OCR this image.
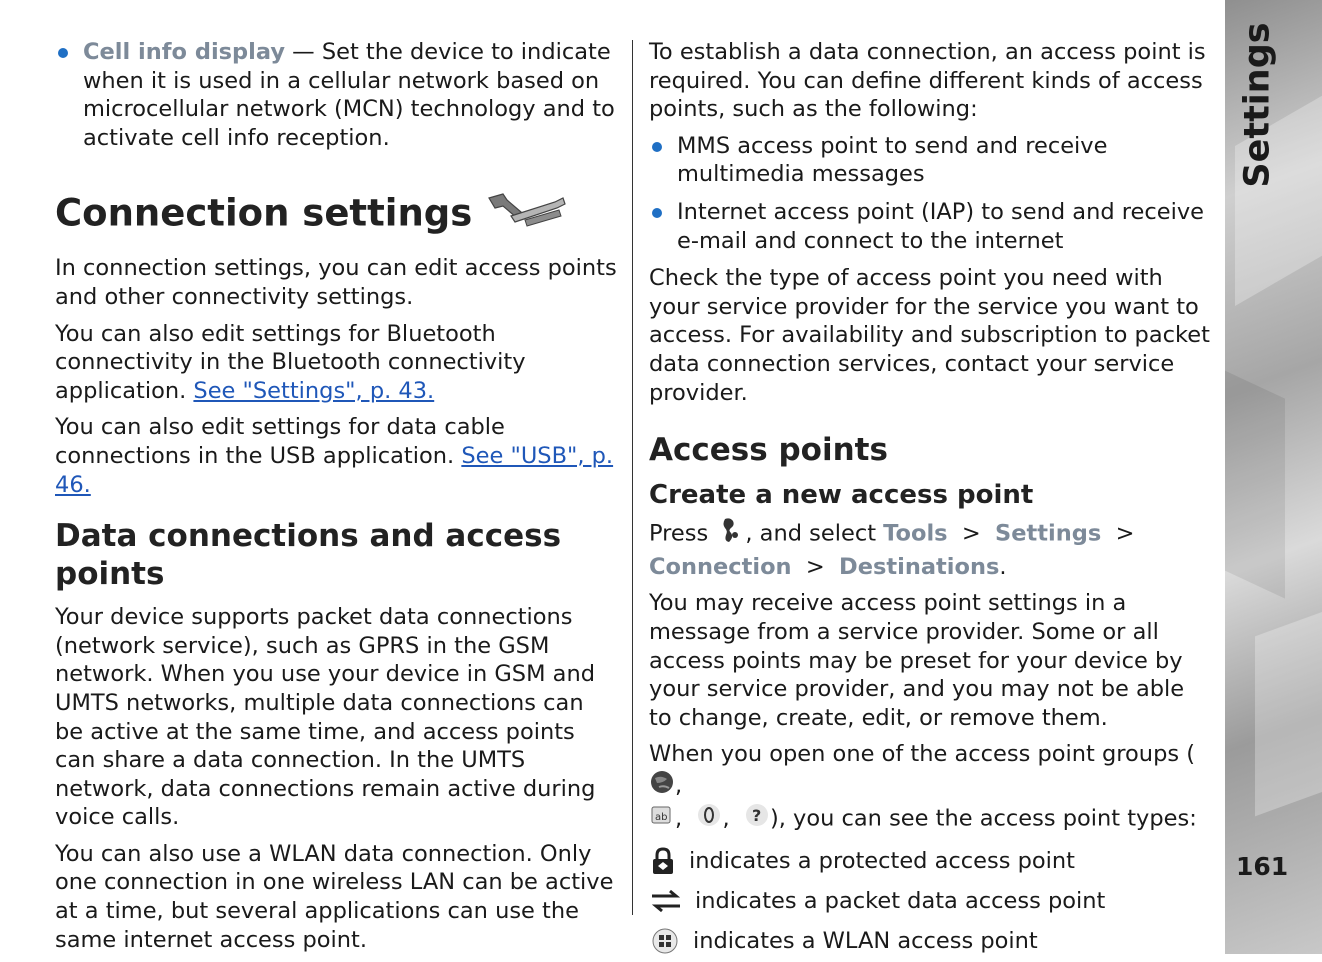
Cell info display — Set the device to indicate when it is used in a cellular network based on microcellular network (MCN) technology and to activate cell info reception.

Connection settings

In connection settings, you can edit access points and other connectivity settings.

You can also edit settings for Bluetooth connectivity in the Bluetooth connectivity application. See "Settings", p. 43.

You can also edit settings for data cable connections in the USB application. See "USB", p. 46.

Data connections and access points

Your device supports packet data connections (network service), such as GPRS in the GSM network. When you use your device in GSM and UMTS networks, multiple data connections can be active at the same time, and access points can share a data connection. In the UMTS network, data connections remain active during voice calls.

You can also use a WLAN data connection. Only one connection in one wireless LAN can be active at a time, but several applications can use the same internet access point.

To establish a data connection, an access point is required. You can define different kinds of access points, such as the following:

MMS access point to send and receive multimedia messages

Internet access point (IAP) to send and receive e-mail and connect to the internet

Check the type of access point you need with your service provider for the service you want to access. For availability and subscription to packet data connection services, contact your service provider.

Access points
Create a new access point

Press , and select Tools > Settings >
Connection > Destinations.

You may receive access point settings in a message from a service provider. Some or all access points may be preset for your device by your service provider, and you may not be able to change, create, edit, or remove them.

When you open one of the access point groups (,

ab ,  , ? ), you can see the access point types:

indicates a protected access point

indicates a packet data access point

indicates a WLAN access point

Settings
161
